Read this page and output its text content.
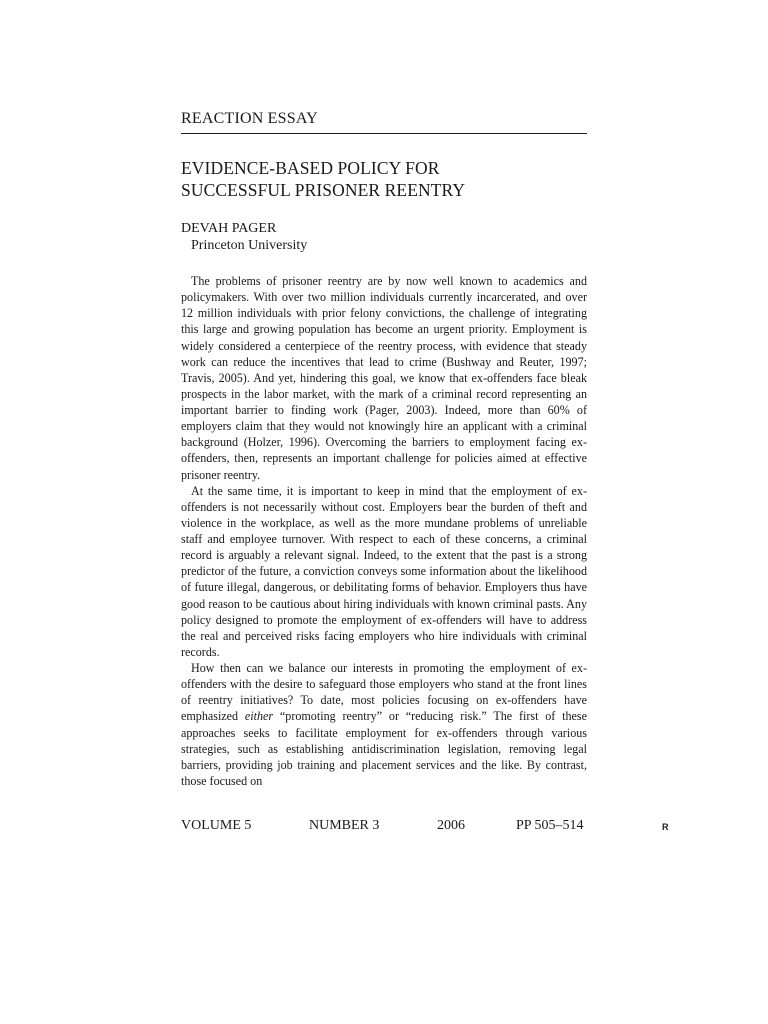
REACTION ESSAY
EVIDENCE-BASED POLICY FOR
SUCCESSFUL PRISONER REENTRY
DEVAH PAGER
Princeton University

The problems of prisoner reentry are by now well known to academics and policymakers. With over two million individuals currently incarcerated, and over 12 million individuals with prior felony convictions, the challenge of integrating this large and growing population has become an urgent priority. Employment is widely considered a centerpiece of the reentry process, with evidence that steady work can reduce the incentives that lead to crime (Bushway and Reuter, 1997; Travis, 2005). And yet, hindering this goal, we know that ex-offenders face bleak prospects in the labor market, with the mark of a criminal record representing an important barrier to finding work (Pager, 2003). Indeed, more than 60% of employers claim that they would not knowingly hire an applicant with a criminal background (Holzer, 1996). Overcoming the barriers to employment facing ex-offenders, then, represents an important challenge for policies aimed at effective prisoner reentry.

At the same time, it is important to keep in mind that the employment of ex-offenders is not necessarily without cost. Employers bear the burden of theft and violence in the workplace, as well as the more mundane problems of unreliable staff and employee turnover. With respect to each of these concerns, a criminal record is arguably a relevant signal. Indeed, to the extent that the past is a strong predictor of the future, a conviction conveys some information about the likelihood of future illegal, dangerous, or debilitating forms of behavior. Employers thus have good reason to be cautious about hiring individuals with known criminal pasts. Any policy designed to promote the employment of ex-offenders will have to address the real and perceived risks facing employers who hire individuals with criminal records.

How then can we balance our interests in promoting the employment of ex-offenders with the desire to safeguard those employers who stand at the front lines of reentry initiatives? To date, most policies focusing on ex-offenders have emphasized either “promoting reentry” or “reducing risk.” The first of these approaches seeks to facilitate employment for ex-offenders through various strategies, such as establishing antidiscrimination legislation, removing legal barriers, providing job training and placement services and the like. By contrast, those focused on

VOLUME 5	NUMBER 3	2006	PP 505–514	R
